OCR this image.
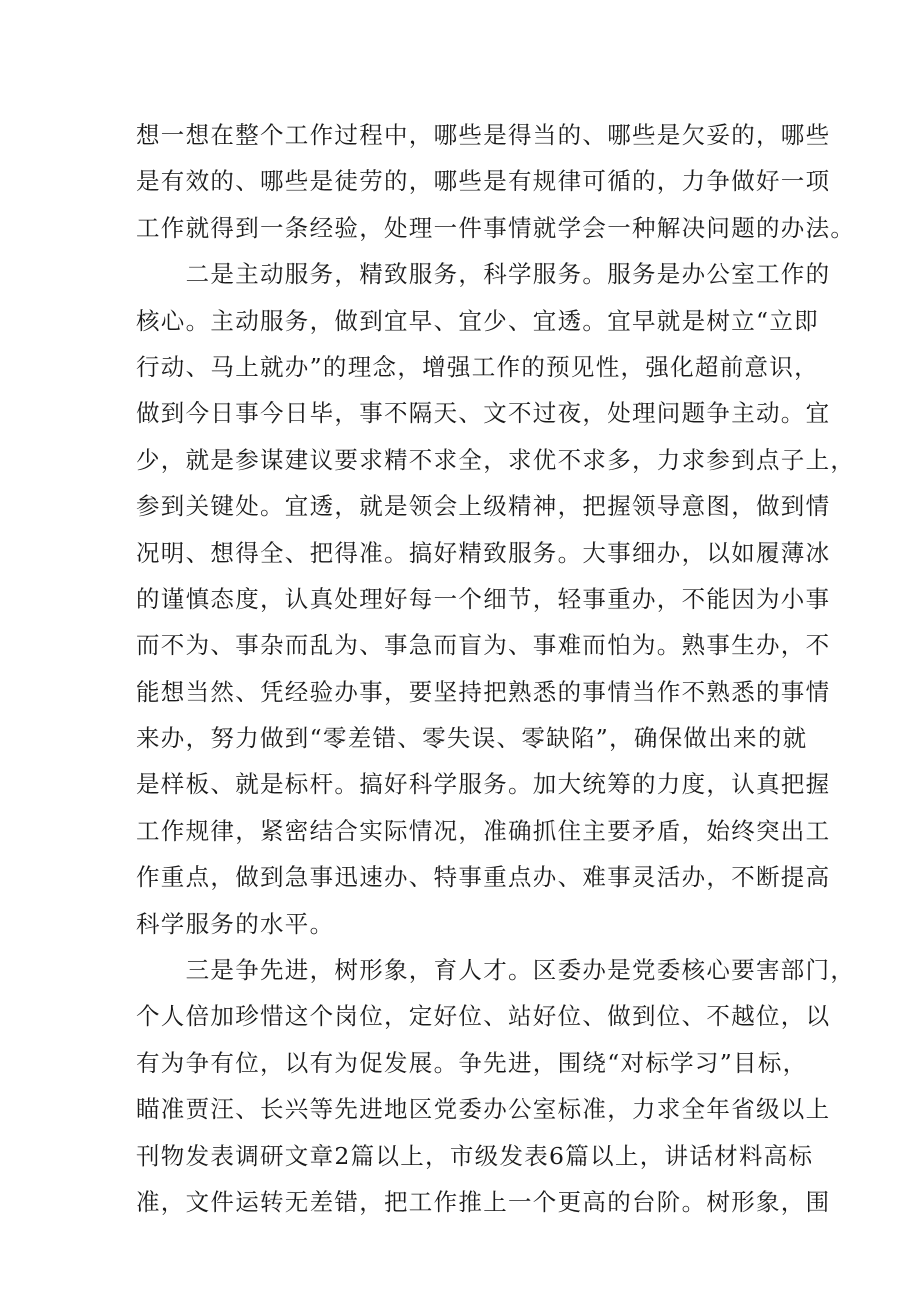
想一想在整个工作过程中，哪些是得当的、哪些是欠妥的，哪些
是有效的、哪些是徒劳的，哪些是有规律可循的，力争做好一项
工作就得到一条经验，处理一件事情就学会一种解决问题的办法。
　　二是主动服务，精致服务，科学服务。服务是办公室工作的
核心。主动服务，做到宜早、宜少、宜透。宜早就是树立“立即
行动、马上就办”的理念，增强工作的预见性，强化超前意识，
做到今日事今日毕，事不隔天、文不过夜，处理问题争主动。宜
少，就是参谋建议要求精不求全，求优不求多，力求参到点子上，
参到关键处。宜透，就是领会上级精神，把握领导意图，做到情
况明、想得全、把得准。搞好精致服务。大事细办，以如履薄冰
的谨慎态度，认真处理好每一个细节，轻事重办，不能因为小事
而不为、事杂而乱为、事急而盲为、事难而怕为。熟事生办，不
能想当然、凭经验办事，要坚持把熟悉的事情当作不熟悉的事情
来办，努力做到“零差错、零失误、零缺陷”，确保做出来的就
是样板、就是标杆。搞好科学服务。加大统筹的力度，认真把握
工作规律，紧密结合实际情况，准确抓住主要矛盾，始终突出工
作重点，做到急事迅速办、特事重点办、难事灵活办，不断提高
科学服务的水平。
　　三是争先进，树形象，育人才。区委办是党委核心要害部门，
个人倍加珍惜这个岗位，定好位、站好位、做到位、不越位，以
有为争有位，以有为促发展。争先进，围绕“对标学习”目标，
瞄准贾汪、长兴等先进地区党委办公室标准，力求全年省级以上
刊物发表调研文章2篇以上，市级发表6篇以上，讲话材料高标
准，文件运转无差错，把工作推上一个更高的台阶。树形象，围
